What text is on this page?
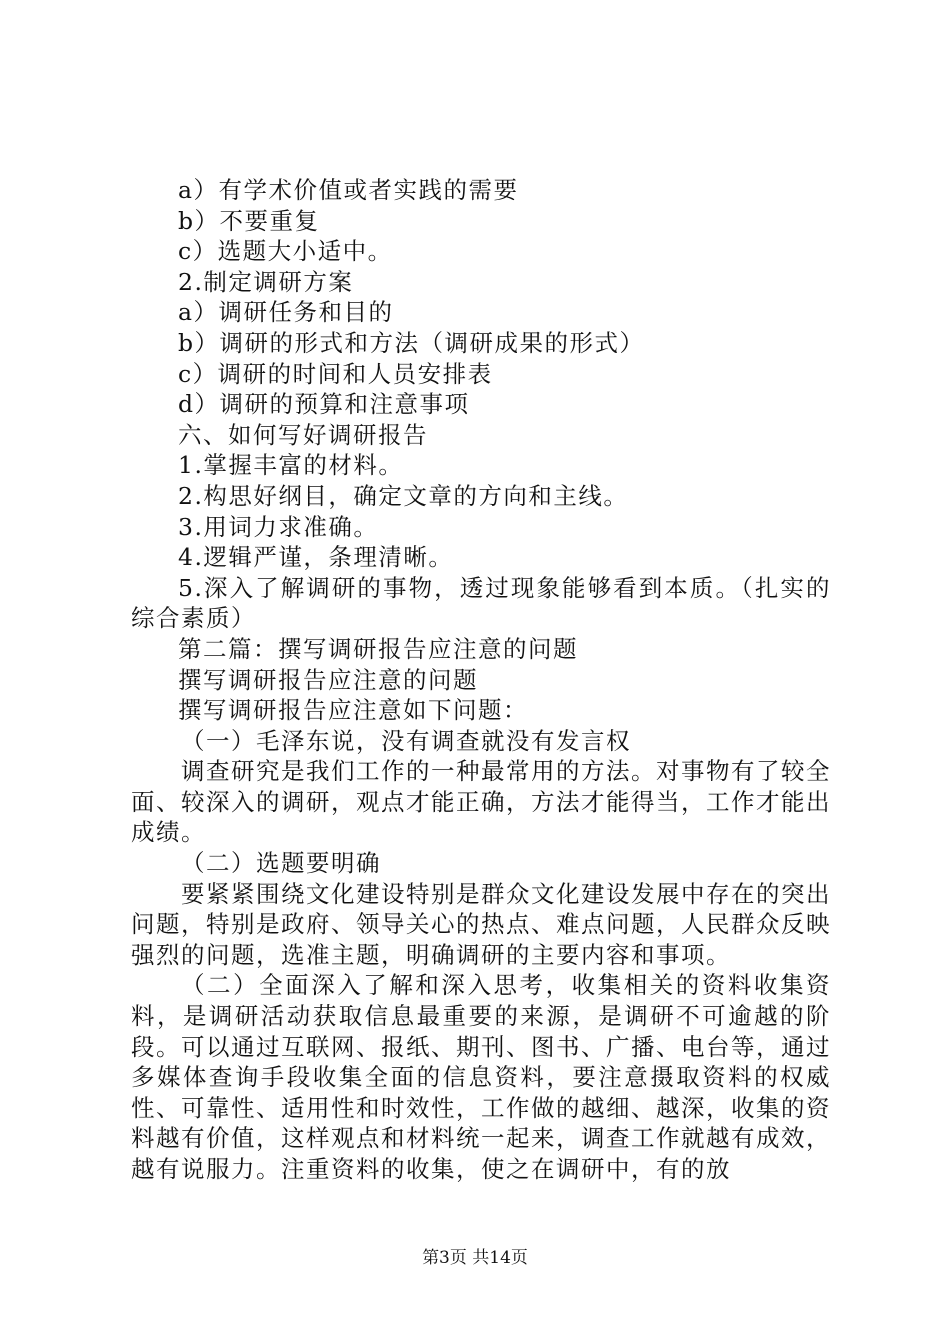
a）有学术价值或者实践的需要

b）不要重复

c）选题大小适中。

2.制定调研方案

a）调研任务和目的

b）调研的形式和方法（调研成果的形式）

c）调研的时间和人员安排表

d）调研的预算和注意事项

六、如何写好调研报告

1.掌握丰富的材料。

2.构思好纲目，确定文章的方向和主线。

3.用词力求准确。

4.逻辑严谨，条理清晰。

5.深入了解调研的事物，透过现象能够看到本质。（扎实的综合素质）

第二篇：撰写调研报告应注意的问题

撰写调研报告应注意的问题

撰写调研报告应注意如下问题：

（一）毛泽东说，没有调查就没有发言权

调查研究是我们工作的一种最常用的方法。对事物有了较全面、较深入的调研，观点才能正确，方法才能得当，工作才能出成绩。

（二）选题要明确

要紧紧围绕文化建设特别是群众文化建设发展中存在的突出问题，特别是政府、领导关心的热点、难点问题，人民群众反映强烈的问题，选准主题，明确调研的主要内容和事项。

（二）全面深入了解和深入思考，收集相关的资料收集资料，是调研活动获取信息最重要的来源，是调研不可逾越的阶段。可以通过互联网、报纸、期刊、图书、广播、电台等，通过多媒体查询手段收集全面的信息资料，要注意摄取资料的权威性、可靠性、适用性和时效性，工作做的越细、越深，收集的资料越有价值，这样观点和材料统一起来，调查工作就越有成效，越有说服力。注重资料的收集，使之在调研中，有的放

第3页 共14页
